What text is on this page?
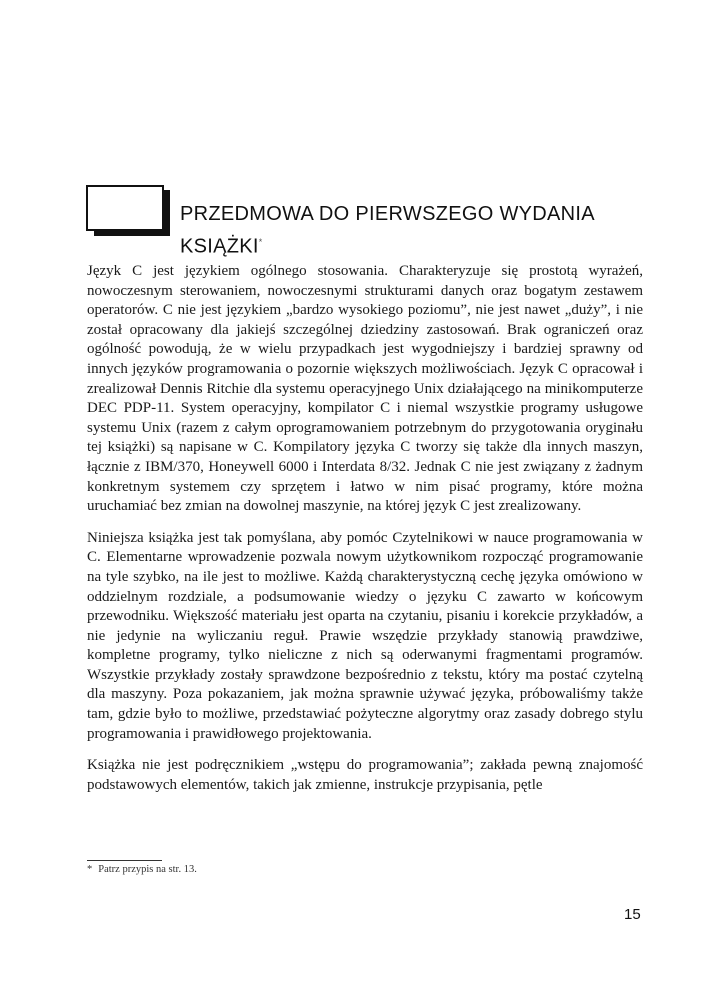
PRZEDMOWA DO PIERWSZEGO WYDANIA KSIĄŻKI*

Język C jest językiem ogólnego stosowania. Charakteryzuje się prostotą wyrażeń, nowoczesnym sterowaniem, nowoczesnymi strukturami danych oraz bogatym zestawem operatorów. C nie jest językiem „bardzo wysokiego poziomu”, nie jest nawet „duży”, i nie został opracowany dla jakiejś szczególnej dziedziny zastosowań. Brak ograniczeń oraz ogólność powodują, że w wielu przypadkach jest wygodniejszy i bardziej sprawny od innych języków programowania o pozornie większych możliwościach. Język C opracował i zrealizował Dennis Ritchie dla systemu operacyjnego Unix działającego na minikomputerze DEC PDP-11. System operacyjny, kompilator C i niemal wszystkie programy usługowe systemu Unix (razem z całym oprogramowaniem potrzebnym do przygotowania oryginału tej książki) są napisane w C. Kompilatory języka C tworzy się także dla innych maszyn, łącznie z IBM/370, Honeywell 6000 i Interdata 8/32. Jednak C nie jest związany z żadnym konkretnym systemem czy sprzętem i łatwo w nim pisać programy, które można uruchamiać bez zmian na dowolnej maszynie, na której język C jest zrealizowany.

Niniejsza książka jest tak pomyślana, aby pomóc Czytelnikowi w nauce programowania w C. Elementarne wprowadzenie pozwala nowym użytkownikom rozpocząć programowanie na tyle szybko, na ile jest to możliwe. Każdą charakterystyczną cechę języka omówiono w oddzielnym rozdziale, a podsumowanie wiedzy o języku C zawarto w końcowym przewodniku. Większość materiału jest oparta na czytaniu, pisaniu i korekcie przykładów, a nie jedynie na wyliczaniu reguł. Prawie wszędzie przykłady stanowią prawdziwe, kompletne programy, tylko nieliczne z nich są oderwanymi fragmentami programów. Wszystkie przykłady zostały sprawdzone bezpośrednio z tekstu, który ma postać czytelną dla maszyny. Poza pokazaniem, jak można sprawnie używać języka, próbowaliśmy także tam, gdzie było to możliwe, przedstawiać pożyteczne algorytmy oraz zasady dobrego stylu programowania i prawidłowego projektowania.

Książka nie jest podręcznikiem „wstępu do programowania”; zakłada pewną znajomość podstawowych elementów, takich jak zmienne, instrukcje przypisania, pętle

* Patrz przypis na str. 13.
15
